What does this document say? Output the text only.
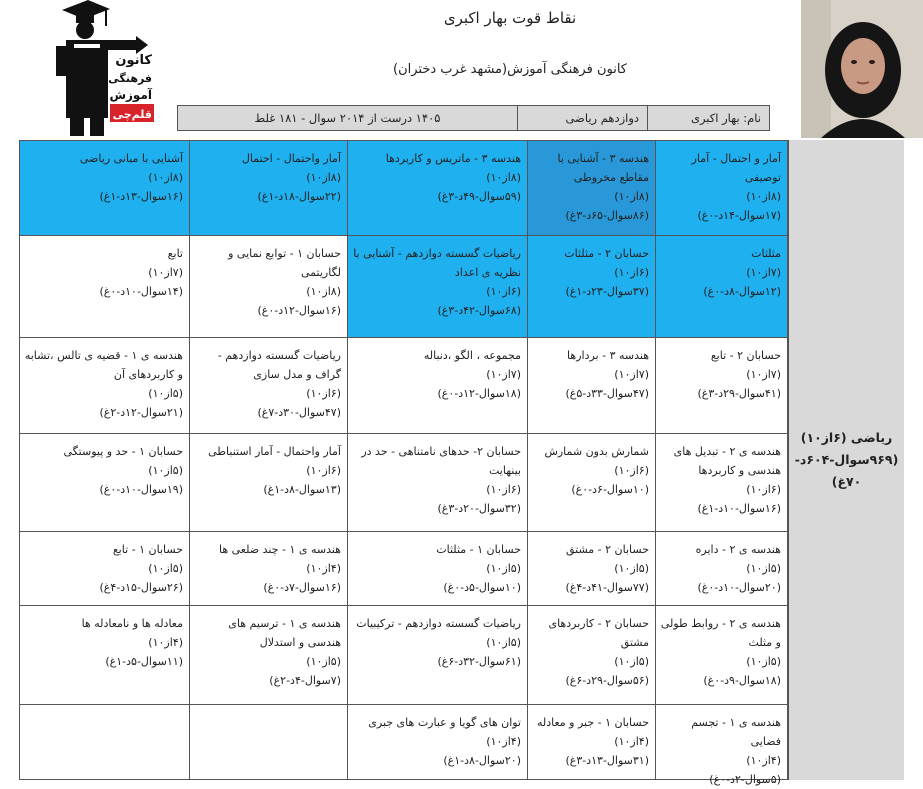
کانون
فرهنگی
آموزش
قلم‌چی
نقاط قوت بهار اکبری
کانون فرهنگی آموزش(مشهد غرب دختران)
نام: بهار اکبری
دوازدهم ریاضی
۱۴۰۵ درست از ۲۰۱۴ سوال - ۱۸۱ غلط
آمار و احتمال - آمار توصیفی
(۸از۱۰)
(۱۷سوال-۱۴د-۰غ)
هندسه ۳ - آشنایی با مقاطع مخروطی
(۸از۱۰)
(۸۶سوال-۶۵د-۳غ)
هندسه ۳ - ماتریس و کاربردها
(۸از۱۰)
(۵۹سوال-۴۹د-۳غ)
آمار واحتمال - احتمال
(۸از۱۰)
(۲۲سوال-۱۸د-۱غ)
آشنایی با مبانی ریاضی
(۸از۱۰)
(۱۶سوال-۱۳د-۱غ)
مثلثات
(۷از۱۰)
(۱۲سوال-۸د-۰غ)
حسابان ۲ - مثلثات
(۶از۱۰)
(۳۷سوال-۲۳د-۱غ)
ریاضیات گسسته دوازدهم - آشنایی با نظریه ی اعداد
(۶از۱۰)
(۶۸سوال-۴۲د-۳غ)
حسابان ۱ - توابع نمایی و لگاریتمی
(۸از۱۰)
(۱۶سوال-۱۲د-۰غ)
تابع
(۷از۱۰)
(۱۴سوال-۱۰د-۰غ)
حسابان ۲ - تابع
(۷از۱۰)
(۴۱سوال-۲۹د-۳غ)
هندسه ۳ - بردارها
(۷از۱۰)
(۴۷سوال-۳۳د-۵غ)
مجموعه ، الگو ،دنباله
(۷از۱۰)
(۱۸سوال-۱۲د-۰غ)
ریاضیات گسسته دوازدهم - گراف و مدل سازی
(۶از۱۰)
(۴۷سوال-۳۰د-۷غ)
هندسه ی ۱ - قضیه ی تالس ،تشابه و کاربردهای آن
(۵از۱۰)
(۲۱سوال-۱۲د-۲غ)
هندسه ی ۲ - تبدیل های هندسی و کاربردها
(۶از۱۰)
(۱۶سوال-۱۰د-۱غ)
شمارش بدون شمارش
(۶از۱۰)
(۱۰سوال-۶د-۰غ)
حسابان ۲- حدهای نامتناهی - حد در بینهایت
(۶از۱۰)
(۳۲سوال-۲۰د-۳غ)
آمار واحتمال - آمار استنباطی
(۶از۱۰)
(۱۳سوال-۸د-۱غ)
حسابان ۱ - حد و پیوستگی
(۵از۱۰)
(۱۹سوال-۱۰د-۰غ)
هندسه ی ۲ - دایره
(۵از۱۰)
(۲۰سوال-۱۰د-۰غ)
حسابان ۲ - مشتق
(۵از۱۰)
(۷۷سوال-۴۱د-۴غ)
حسابان ۱ - مثلثات
(۵از۱۰)
(۱۰سوال-۵د-۰غ)
هندسه ی ۱ - چند ضلعی ها
(۴از۱۰)
(۱۶سوال-۷د-۰غ)
حسابان ۱ - تابع
(۵از۱۰)
(۲۶سوال-۱۵د-۴غ)
هندسه ی ۲ - روابط طولی و مثلث
(۵از۱۰)
(۱۸سوال-۹د-۰غ)
حسابان ۲ - کاربردهای مشتق
(۵از۱۰)
(۵۶سوال-۲۹د-۶غ)
ریاضیات گسسته دوازدهم - ترکیبیات
(۵از۱۰)
(۶۱سوال-۳۲د-۶غ)
هندسه ی ۱ - ترسیم های هندسی و استدلال
(۵از۱۰)
(۷سوال-۴د-۲غ)
معادله ها و نامعادله ها
(۴از۱۰)
(۱۱سوال-۵د-۱غ)
هندسه ی ۱ - تجسم فضایی
(۴از۱۰)
(۵سوال-۲د-۰غ)
حسابان ۱ - جبر و معادله
(۴از۱۰)
(۳۱سوال-۱۳د-۳غ)
توان های گویا و عبارت های جبری
(۴از۱۰)
(۲۰سوال-۸د-۱غ)
ریاضی (۶از۱۰)
(۹۶۹سوال-۶۰۴د-
۷۰غ)
